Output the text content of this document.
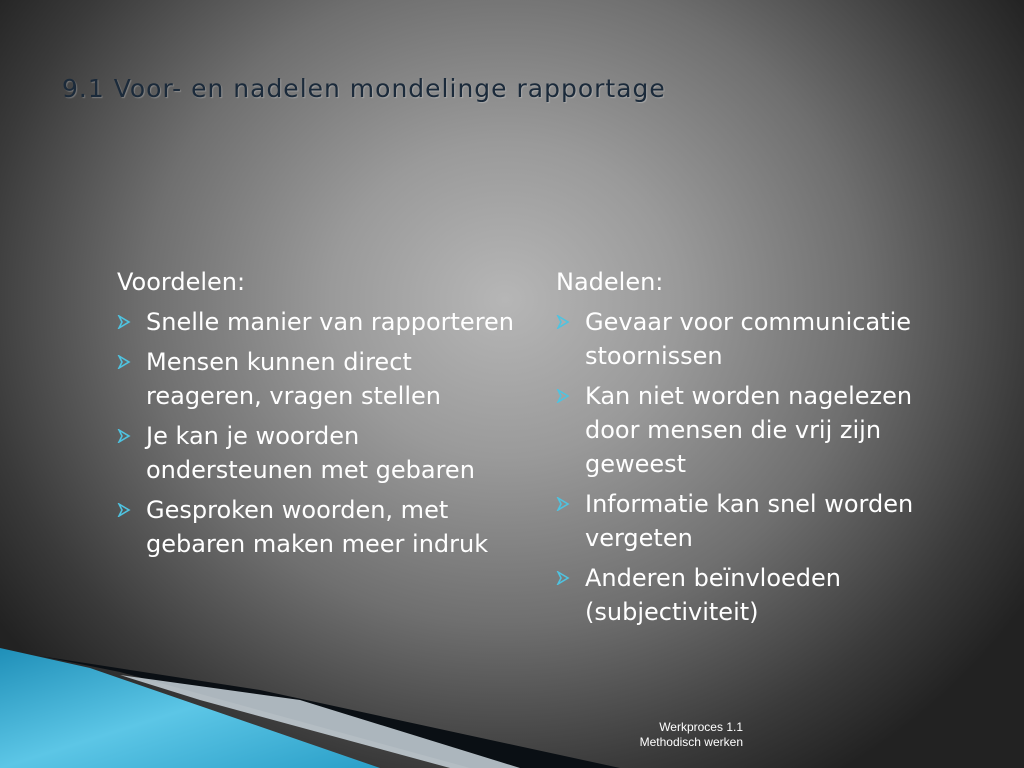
9.1 Voor- en nadelen mondelinge rapportage
Voordelen:
Snelle manier van rapporteren
Mensen kunnen direct reageren, vragen stellen
Je kan je woorden ondersteunen met gebaren
Gesproken woorden, met gebaren maken meer indruk
Nadelen:
Gevaar voor communicatie stoornissen
Kan niet worden nagelezen door mensen die vrij zijn geweest
Informatie kan snel worden vergeten
Anderen beïnvloeden (subjectiviteit)
Werkproces 1.1
Methodisch werken
